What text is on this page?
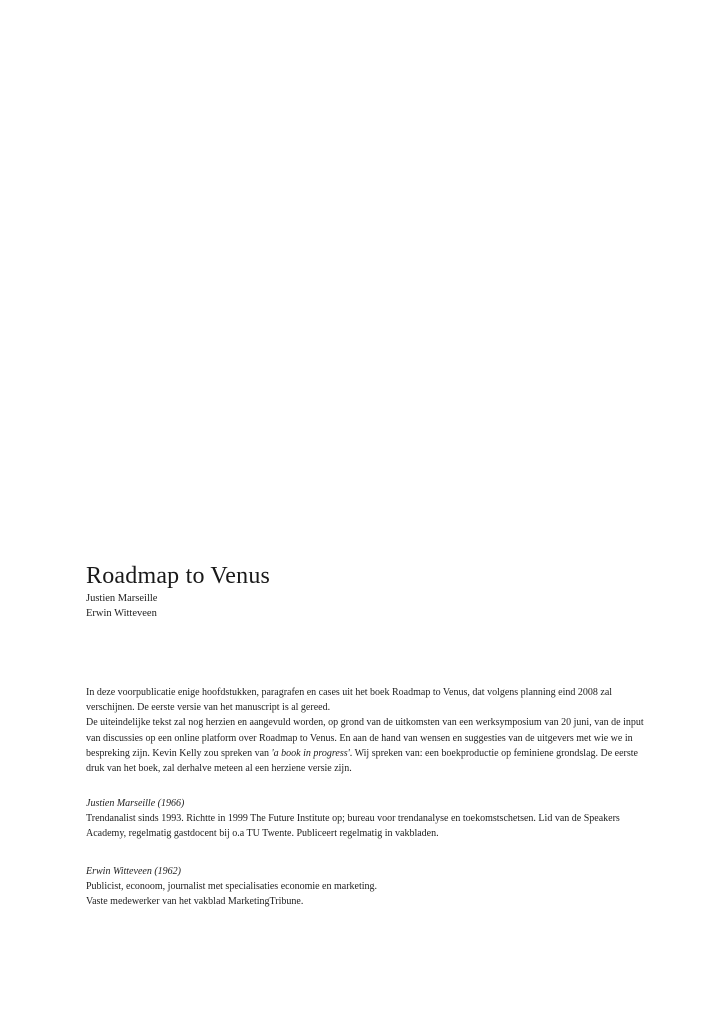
Roadmap to Venus

Justien Marseille

Erwin Witteveen

In deze voorpublicatie enige hoofdstukken, paragrafen en cases uit het boek Roadmap to Venus, dat volgens planning eind 2008 zal verschijnen. De eerste versie van het manuscript is al gereed.

De uiteindelijke tekst zal nog herzien en aangevuld worden, op grond van de uitkomsten van een werksymposium van 20 juni, van de input van discussies op een online platform over Roadmap to Venus. En aan de hand van wensen en suggesties van de uitgevers met wie we in bespreking zijn. Kevin Kelly zou spreken van 'a book in progress'. Wij spreken van: een boekproductie op feminiene grondslag. De eerste druk van het boek, zal derhalve meteen al een herziene versie zijn.

Justien Marseille (1966)

Trendanalist sinds 1993. Richtte in 1999 The Future Institute op; bureau voor trendanalyse en toekomstschetsen. Lid van de Speakers Academy, regelmatig gastdocent bij o.a TU Twente. Publiceert regelmatig in vakbladen.

Erwin Witteveen (1962)

Publicist, econoom, journalist met specialisaties economie en marketing.
Vaste medewerker van het vakblad MarketingTribune.
